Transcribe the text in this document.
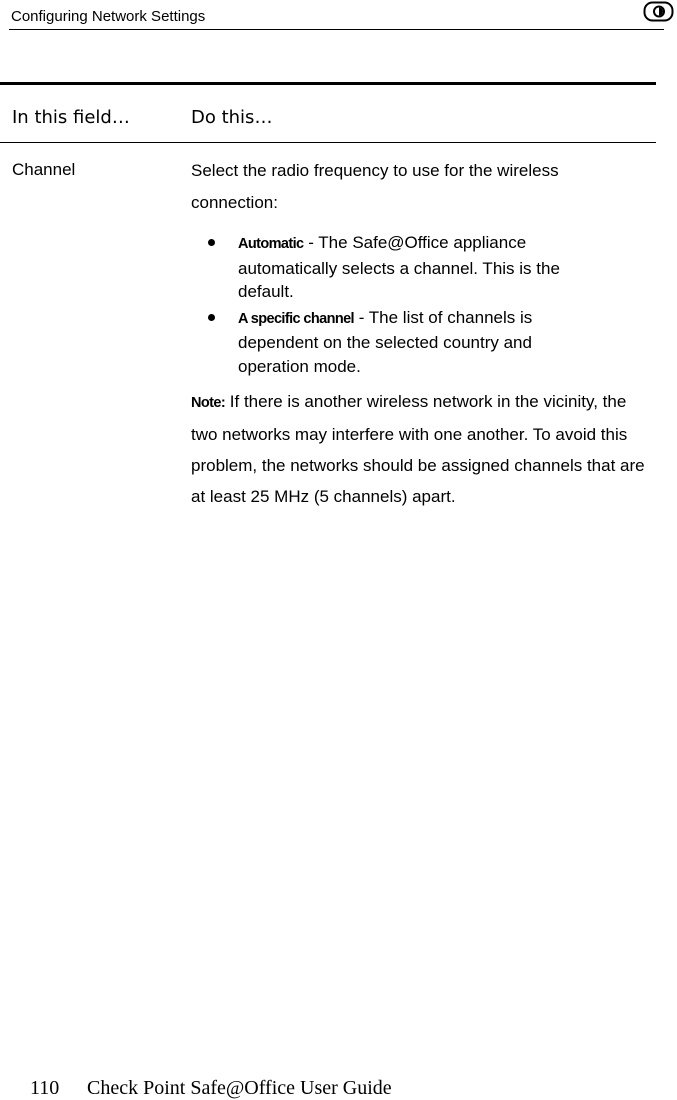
Configuring Network Settings
In this field…	Do this…
Channel	Select the radio frequency to use for the wireless connection:
Automatic - The Safe@Office appliance automatically selects a channel. This is the default.
A specific channel - The list of channels is dependent on the selected country and operation mode.
Note: If there is another wireless network in the vicinity, the two networks may interfere with one another. To avoid this problem, the networks should be assigned channels that are at least 25 MHz (5 channels) apart.
110 Check Point Safe@Office User Guide
